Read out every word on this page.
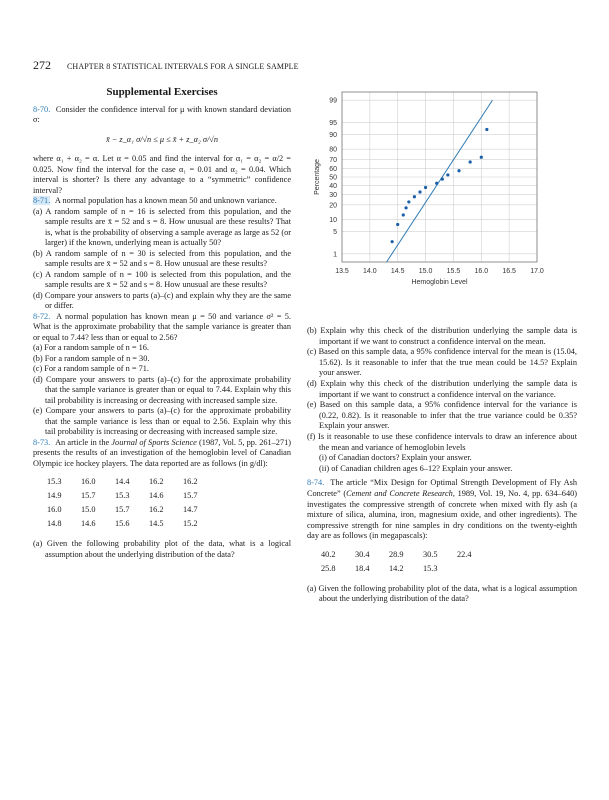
272 CHAPTER 8 STATISTICAL INTERVALS FOR A SINGLE SAMPLE
Supplemental Exercises

8-70. Consider the confidence interval for μ with known standard deviation σ:

x̄ − z_α₁ σ/√n ≤ μ ≤ x̄ + z_α₂ σ/√n

where α₁ + α₂ = α. Let α = 0.05 and find the interval for α₁ = α₂ = α/2 = 0.025. Now find the interval for the case α₁ = 0.01 and α₂ = 0.04. Which interval is shorter? Is there any advantage to a “symmetric” confidence interval?

8-71. A normal population has a known mean 50 and unknown variance.

(a) A random sample of n = 16 is selected from this population, and the sample results are x̄ = 52 and s = 8. How unusual are these results? That is, what is the probability of observing a sample average as large as 52 (or larger) if the known, underlying mean is actually 50?

(b) A random sample of n = 30 is selected from this population, and the sample results are x̄ = 52 and s = 8. How unusual are these results?

(c) A random sample of n = 100 is selected from this population, and the sample results are x̄ = 52 and s = 8. How unusual are these results?

(d) Compare your answers to parts (a)–(c) and explain why they are the same or differ.

8-72. A normal population has known mean μ = 50 and variance σ² = 5. What is the approximate probability that the sample variance is greater than or equal to 7.44? less than or equal to 2.56?

(a) For a random sample of n = 16.

(b) For a random sample of n = 30.

(c) For a random sample of n = 71.

(d) Compare your answers to parts (a)–(c) for the approximate probability that the sample variance is greater than or equal to 7.44. Explain why this tail probability is increasing or decreasing with increased sample size.

(e) Compare your answers to parts (a)–(c) for the approximate probability that the sample variance is less than or equal to 2.56. Explain why this tail probability is increasing or decreasing with increased sample size.

8-73. An article in the Journal of Sports Science (1987, Vol. 5, pp. 261–271) presents the results of an investigation of the hemoglobin level of Canadian Olympic ice hockey players. The data reported are as follows (in g/dl):

15.3	16.0	14.4	16.2	16.2
14.9	15.7	15.3	14.6	15.7
16.0	15.0	15.7	16.2	14.7
14.8	14.6	15.6	14.5	15.2

(a) Given the following probability plot of the data, what is a logical assumption about the underlying distribution of the data?

1
5
10
20
30
40
50
60
70
80
90
95
99
13.5 14.0 14.5 15.0 15.5 16.0 16.5 17.0
Hemoglobin Level
Percentage

(b) Explain why this check of the distribution underlying the sample data is important if we want to construct a confidence interval on the mean.

(c) Based on this sample data, a 95% confidence interval for the mean is (15.04, 15.62). Is it reasonable to infer that the true mean could be 14.5? Explain your answer.

(d) Explain why this check of the distribution underlying the sample data is important if we want to construct a confidence interval on the variance.

(e) Based on this sample data, a 95% confidence interval for the variance is (0.22, 0.82). Is it reasonable to infer that the true variance could be 0.35? Explain your answer.

(f) Is it reasonable to use these confidence intervals to draw an inference about the mean and variance of hemoglobin levels

(i) of Canadian doctors? Explain your answer.

(ii) of Canadian children ages 6–12? Explain your answer.

8-74. The article “Mix Design for Optimal Strength Development of Fly Ash Concrete” (Cement and Concrete Research, 1989, Vol. 19, No. 4, pp. 634–640) investigates the compressive strength of concrete when mixed with fly ash (a mixture of silica, alumina, iron, magnesium oxide, and other ingredients). The compressive strength for nine samples in dry conditions on the twenty-eighth day are as follows (in megapascals):

40.2	30.4	28.9	30.5	22.4
25.8	18.4	14.2	15.3	

(a) Given the following probability plot of the data, what is a logical assumption about the underlying distribution of the data?
